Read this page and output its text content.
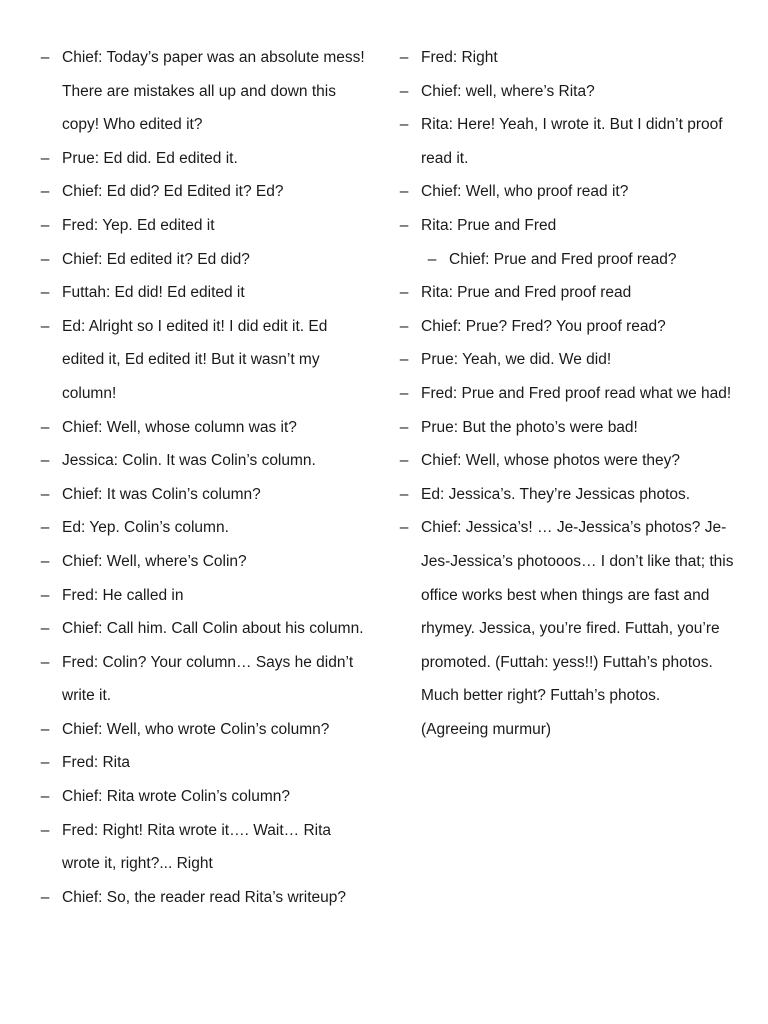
– Chief: Today’s paper was an absolute mess! There are mistakes all up and down this copy! Who edited it?
– Prue: Ed did. Ed edited it.
– Chief: Ed did? Ed Edited it? Ed?
– Fred: Yep. Ed edited it
– Chief: Ed edited it? Ed did?
– Futtah: Ed did! Ed edited it
– Ed: Alright so I edited it! I did edit it. Ed edited it, Ed edited it! But it wasn’t my column!
– Chief: Well, whose column was it?
– Jessica: Colin. It was Colin’s column.
– Chief: It was Colin’s column?
– Ed: Yep. Colin’s column.
– Chief: Well, where’s Colin?
– Fred: He called in
– Chief: Call him. Call Colin about his column.
– Fred: Colin? Your column… Says he didn’t write it.
– Chief: Well, who wrote Colin’s column?
– Fred: Rita
– Chief: Rita wrote Colin’s column?
– Fred: Right! Rita wrote it…. Wait… Rita wrote it, right?... Right
– Chief: So, the reader read Rita’s writeup?
– Fred: Right
– Chief: well, where’s Rita?
– Rita: Here! Yeah, I wrote it. But I didn’t proof read it.
– Chief: Well, who proof read it?
– Rita: Prue and Fred
– Chief: Prue and Fred proof read?
– Rita: Prue and Fred proof read
– Chief: Prue? Fred? You proof read?
– Prue: Yeah, we did. We did!
– Fred: Prue and Fred proof read what we had!
– Prue: But the photo’s were bad!
– Chief: Well, whose photos were they?
– Ed: Jessica’s. They’re Jessicas photos.
– Chief: Jessica’s! … Je-Jessica’s photos? Je-Jes-Jessica’s photooos… I don’t like that; this office works best when things are fast and rhymey. Jessica, you’re fired. Futtah, you’re promoted. (Futtah: yess!!) Futtah’s photos. Much better right? Futtah’s photos.
(Agreeing murmur)
